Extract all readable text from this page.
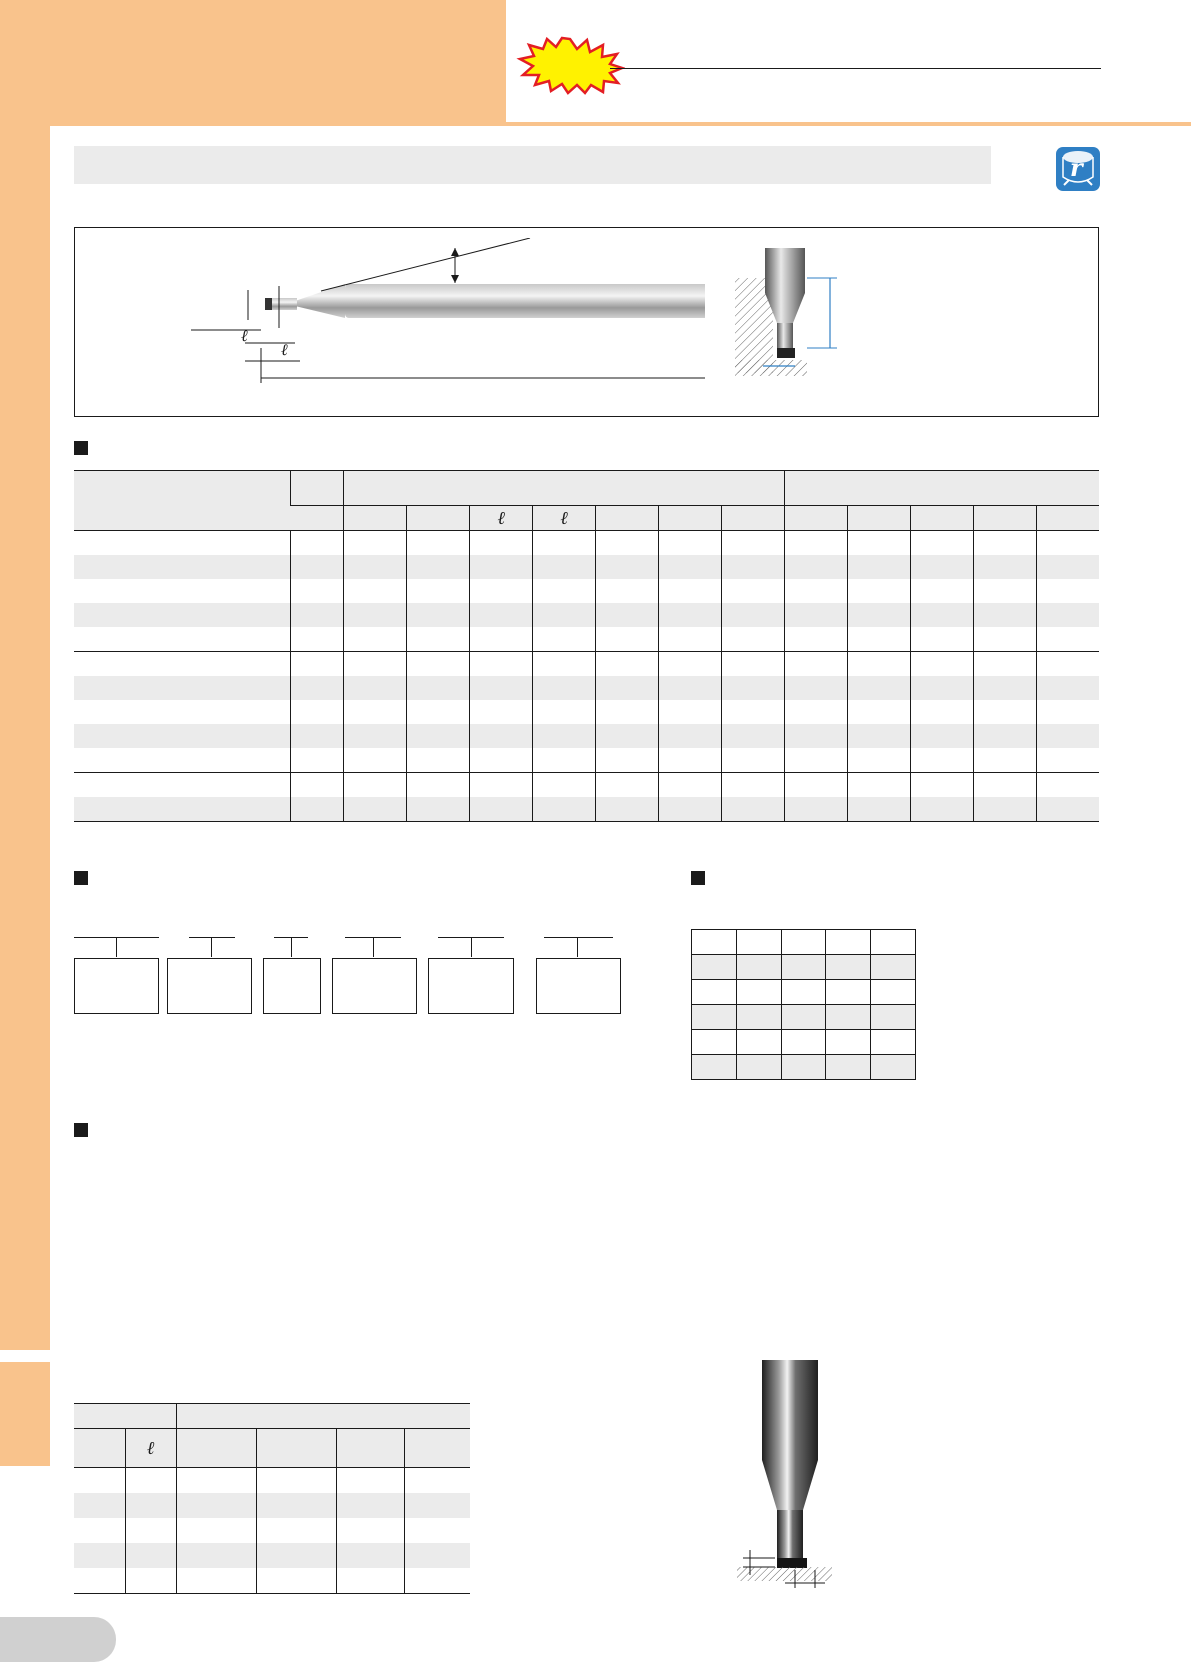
r
ℓ
ℓ

				ℓ	ℓ								

	ℓ				
